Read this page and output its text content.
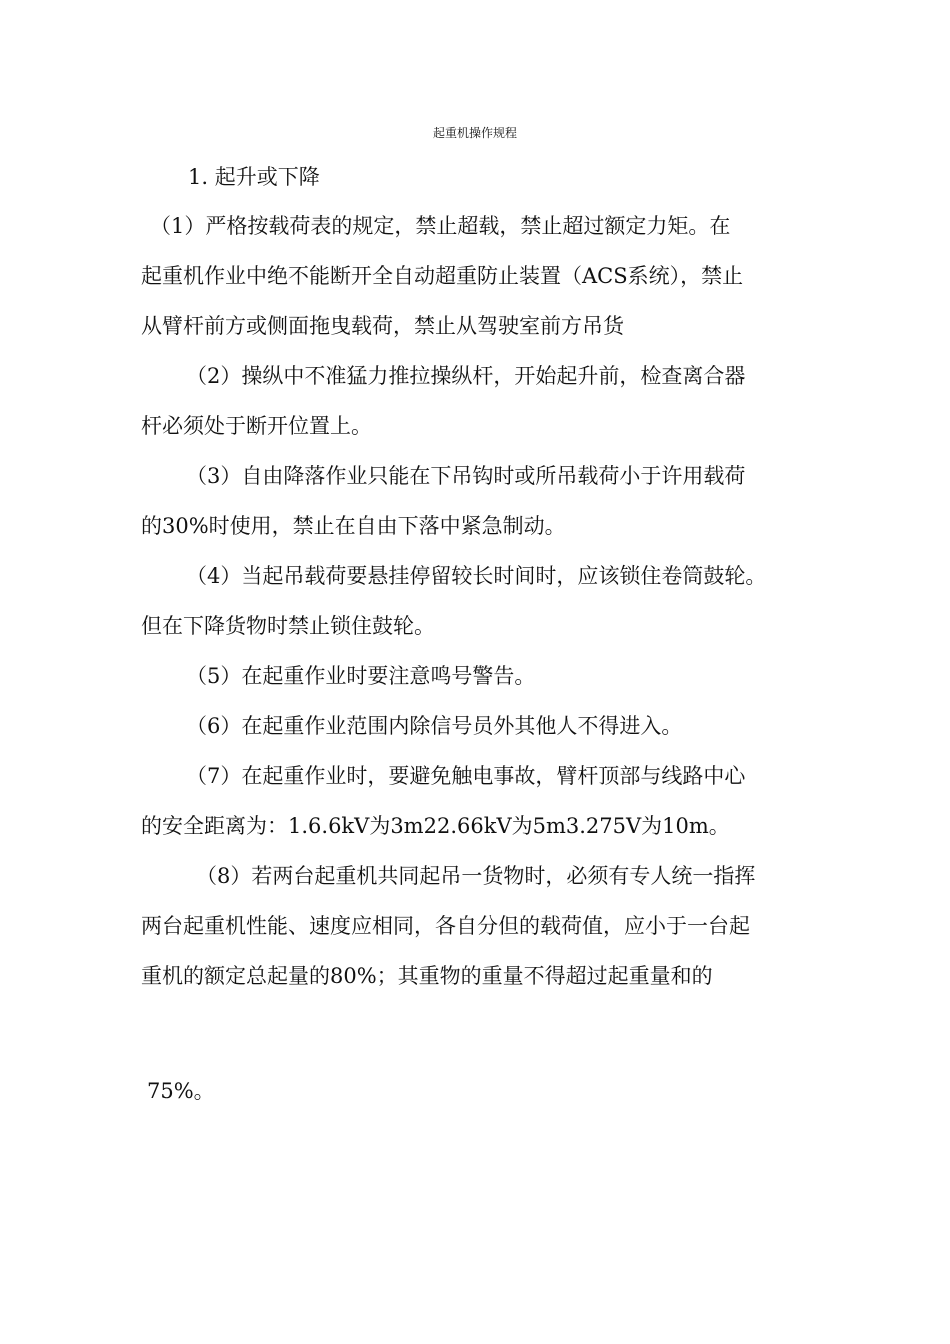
起重机操作规程
1. 起升或下降
（1）严格按载荷表的规定，禁止超载，禁止超过额定力矩。在
起重机作业中绝不能断开全自动超重防止装置（ACS系统），禁止
从臂杆前方或侧面拖曳载荷，禁止从驾驶室前方吊货
（2）操纵中不准猛力推拉操纵杆，开始起升前，检查离合器
杆必须处于断开位置上。
（3）自由降落作业只能在下吊钩时或所吊载荷小于许用载荷
的30%时使用，禁止在自由下落中紧急制动。
（4）当起吊载荷要悬挂停留较长时间时，应该锁住卷筒鼓轮。
但在下降货物时禁止锁住鼓轮。
（5）在起重作业时要注意鸣号警告。
（6）在起重作业范围内除信号员外其他人不得进入。
（7）在起重作业时，要避免触电事故，臂杆顶部与线路中心
的安全距离为：1.6.6kV为3m22.66kV为5m3.275V为10m。
（8）若两台起重机共同起吊一货物时，必须有专人统一指挥
两台起重机性能、速度应相同，各自分但的载荷值，应小于一台起
重机的额定总起量的80%；其重物的重量不得超过起重量和的
75%。
